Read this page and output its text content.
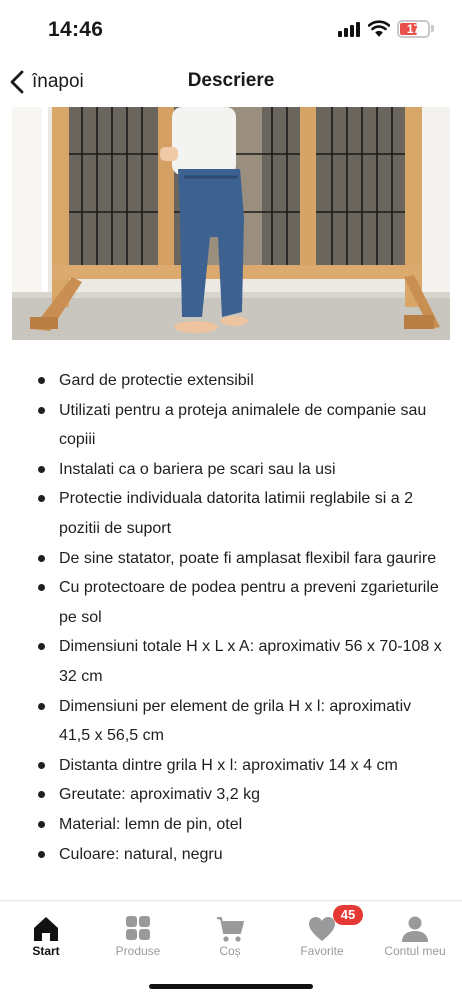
14:46	17
înapoi	Descriere
Gard de protectie extensibil
Utilizati pentru a proteja animalele de companie sau copiii
Instalati ca o bariera pe scari sau la usi
Protectie individuala datorita latimii reglabile si a 2 pozitii de suport
De sine statator, poate fi amplasat flexibil fara gaurire
Cu protectoare de podea pentru a preveni zgarieturile pe sol
Dimensiuni totale H x L x A: aproximativ 56 x 70-108 x 32 cm
Dimensiuni per element de grila H x l: aproximativ 41,5 x 56,5 cm
Distanta dintre grila H x l: aproximativ 14 x 4 cm
Greutate: aproximativ 3,2 kg
Material: lemn de pin, otel
Culoare: natural, negru
Start	Produse	Coș	Favorite	Contul meu
45
